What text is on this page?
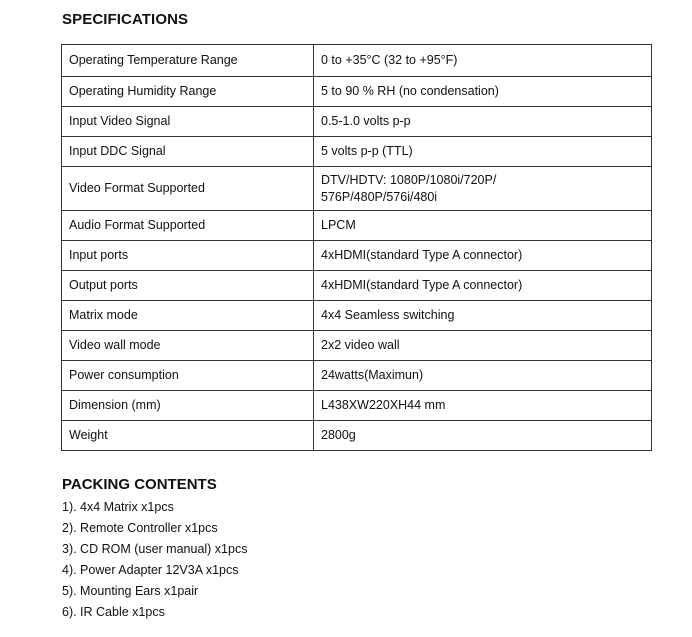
SPECIFICATIONS
Operating Temperature Range	0 to +35°C (32 to +95°F)
Operating Humidity Range	5 to 90 % RH (no condensation)
Input Video Signal	0.5-1.0 volts p-p
Input DDC Signal	5 volts p-p (TTL)
Video Format Supported	DTV/HDTV: 1080P/1080i/720P/
576P/480P/576i/480i

Audio Format Supported	LPCM
Input ports	4xHDMI(standard Type A connector)
Output ports	4xHDMI(standard Type A connector)
Matrix mode	4x4 Seamless switching
Video wall mode	2x2 video wall
Power consumption	24watts(Maximun)
Dimension (mm)	L438XW220XH44 mm
Weight	2800g
PACKING CONTENTS
1). 4x4 Matrix x1pcs
2). Remote Controller x1pcs
3). CD ROM (user manual) x1pcs
4). Power Adapter 12V3A x1pcs
5). Mounting Ears x1pair
6). IR Cable x1pcs
